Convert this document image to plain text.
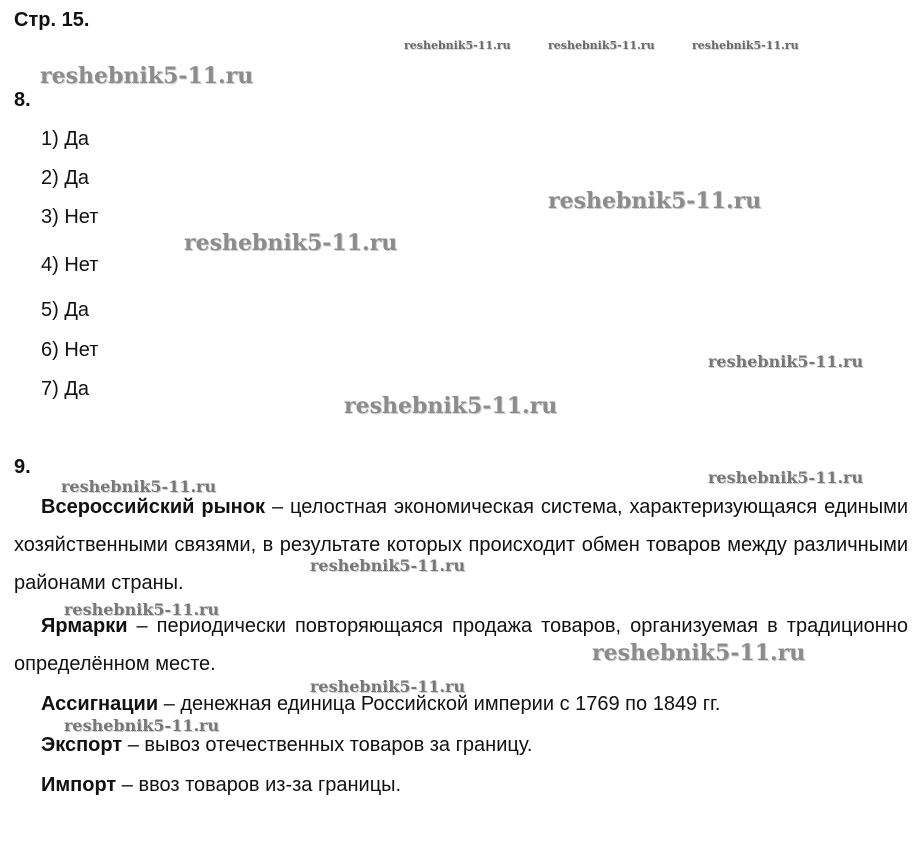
Стр. 15.
reshebnik5-11.ru	reshebnik5-11.ru	reshebnik5-11.ru
reshebnik5-11.ru
8.
1) Да
2) Да
3) Нет
4) Нет
5) Да
6) Нет
7) Да
reshebnik5-11.ru
reshebnik5-11.ru
reshebnik5-11.ru
reshebnik5-11.ru
9.
reshebnik5-11.ru	reshebnik5-11.ru
Всероссийский рынок – целостная экономическая система, характеризующаяся едиными хозяйственными связями, в результате которых происходит обмен товаров между различными районами страны.
reshebnik5-11.ru
reshebnik5-11.ru
Ярмарки – периодически повторяющаяся продажа товаров, организуемая в традиционно определённом месте.	reshebnik5-11.ru
reshebnik5-11.ru
Ассигнации – денежная единица Российской империи с 1769 по 1849 гг.
reshebnik5-11.ru
Экспорт – вывоз отечественных товаров за границу.
Импорт – ввоз товаров из-за границы.
